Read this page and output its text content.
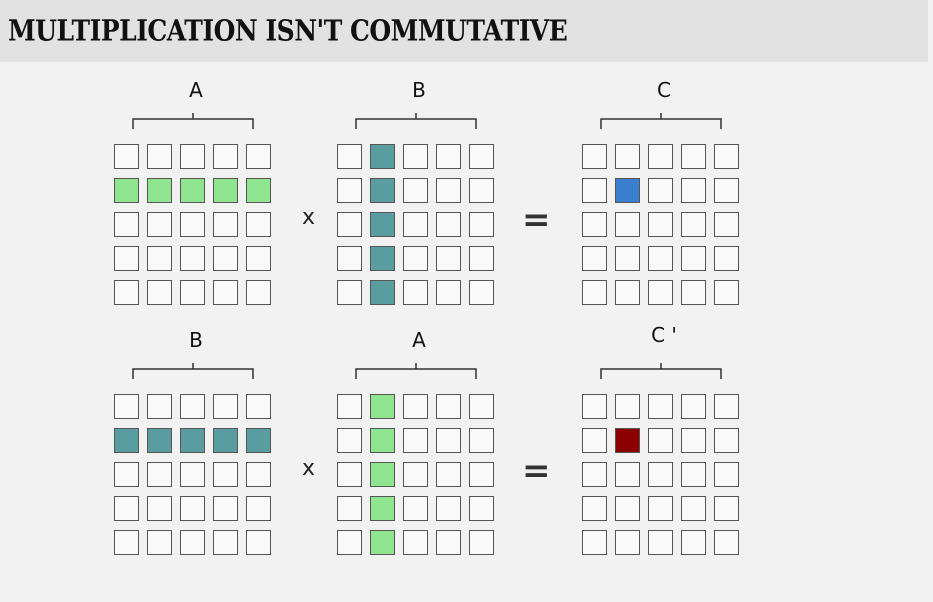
MULTIPLICATION ISN'T COMMUTATIVE
A
x
B
=
C
B
x
A
=
C '
